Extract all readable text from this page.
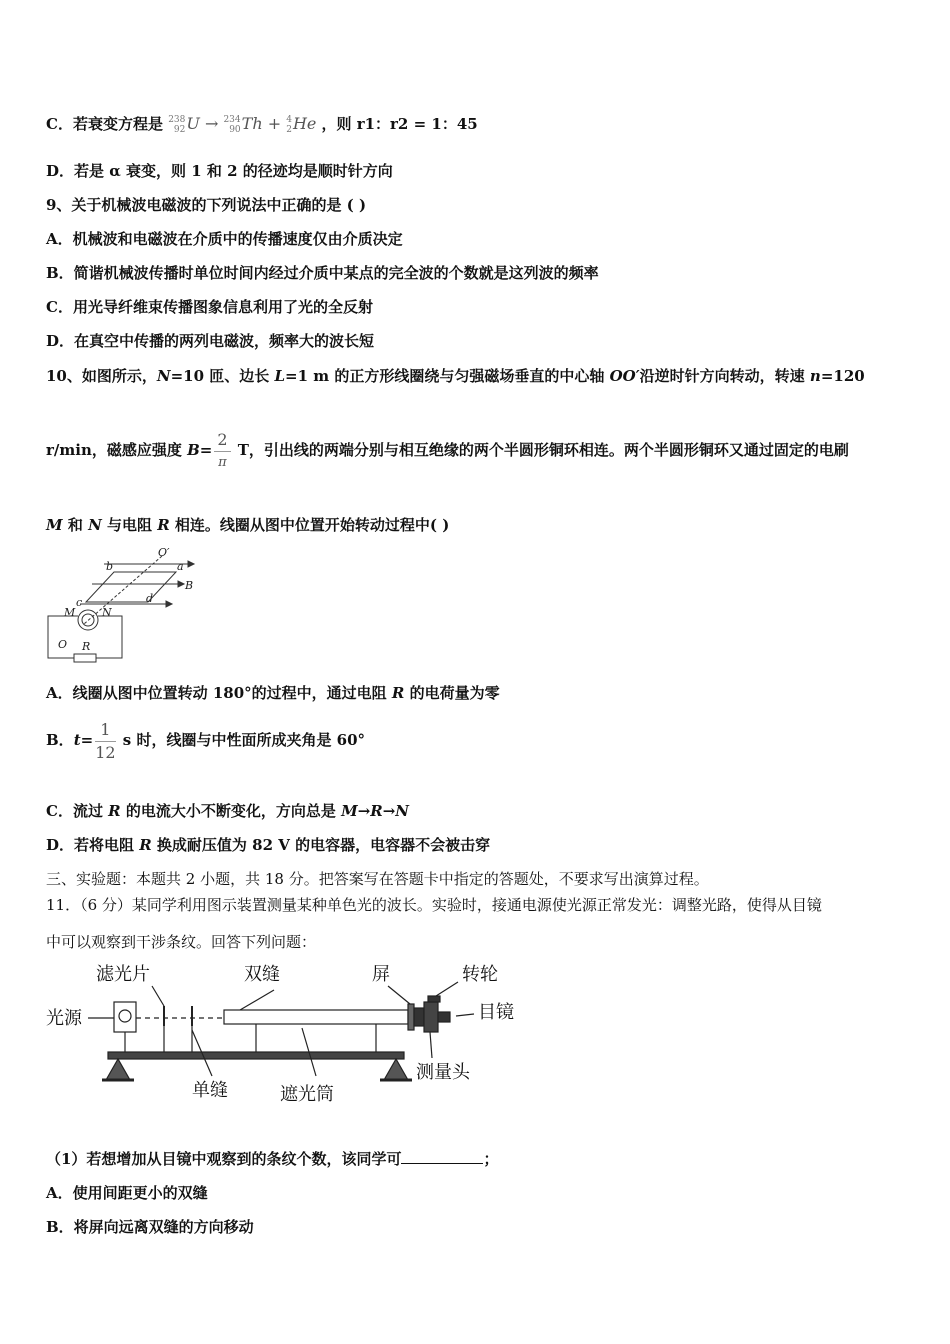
C．若衰变方程是 238
92U → 234
90Th + 4
2He ，则 r1：r2 = 1：45
D．若是 α 衰变，则 1 和 2 的径迹均是顺时针方向
9、关于机械波电磁波的下列说法中正确的是 ( )
A．机械波和电磁波在介质中的传播速度仅由介质决定
B．简谐机械波传播时单位时间内经过介质中某点的完全波的个数就是这列波的频率
C．用光导纤维束传播图象信息利用了光的全反射
D．在真空中传播的两列电磁波，频率大的波长短
10、如图所示，N=10 匝、边长 L=1 m 的正方形线圈绕与匀强磁场垂直的中心轴 OO′沿逆时针方向转动，转速 n=120
r/min，磁感应强度 $B= \frac{2}{\pi}$ T，引出线的两端分别与相互绝缘的两个半圆形铜环相连。两个半圆形铜环又通过固定的电刷
M 和 N 与电阻 R 相连。线圈从图中位置开始转动过程中( )
O′
a
b
c	d
B
M N
O R
A．线圈从图中位置转动 180°的过程中，通过电阻 R 的电荷量为零
B．$t= \frac{1}{12}$ s 时，线圈与中性面所成夹角是 60°
C．流过 R 的电流大小不断变化，方向总是 M→R→N
D．若将电阻 R 换成耐压值为 82 V 的电容器，电容器不会被击穿
三、实验题：本题共 2 小题，共 18 分。把答案写在答题卡中指定的答题处，不要求写出演算过程。
11．（6 分）某同学利用图示装置测量某种单色光的波长。实验时，接通电源使光源正常发光：调整光路，使得从目镜
中可以观察到干涉条纹。回答下列问题：
滤光片	双缝	屏	转轮
光源	目镜
单缝	遮光筒
测量头
（1）若想增加从目镜中观察到的条纹个数，该同学可	；
A．使用间距更小的双缝
B．将屏向远离双缝的方向移动
